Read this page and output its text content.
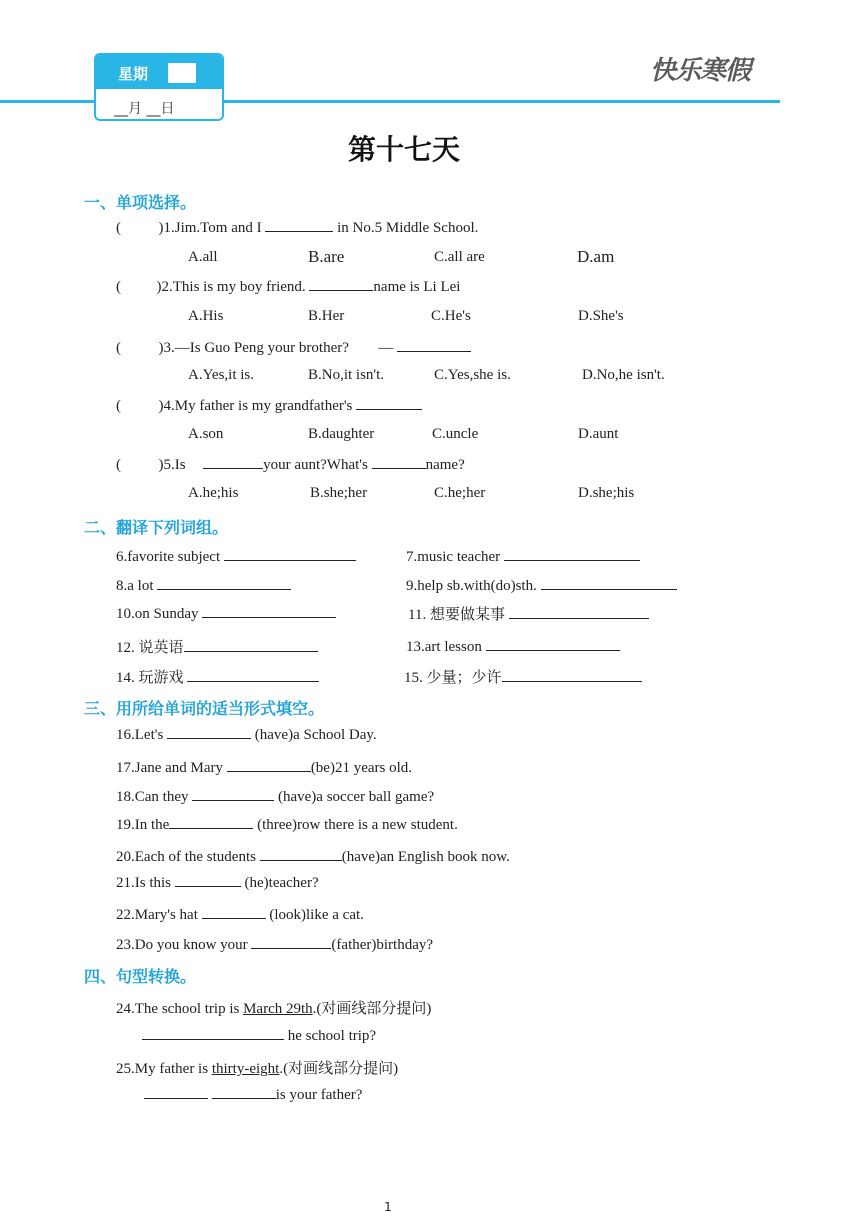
星期
__月 __日
快乐寒假
第十七天
一、单项选择。
(	)1.Jim.Tom and I	in No.5 Middle School.
A.all	B.are	C.all are	D.am
( )2.This is my boy friend.	name is Li Lei
A.His	B.Her	C.He's	D.She's
(	)3.—Is Guo Peng your brother? —
A.Yes,it is.	B.No,it isn't.	C.Yes,she is.	D.No,he isn't.
(	)4.My father is my grandfather's
A.son	B.daughter	C.uncle	D.aunt
(	)5.Is	your aunt?What's	name?
A.he;his	B.she;her	C.he;her	D.she;his
二、翻译下列词组。
6.favorite subject	7.music teacher
8.a lot	9.help sb.with(do)sth.
10.on Sunday	11. 想要做某事
12. 说英语	13.art lesson
14. 玩游戏	15. 少量；少许
三、用所给单词的适当形式填空。
16.Let's	(have)a School Day.
17.Jane and Mary	(be)21 years old.
18.Can they	(have)a soccer ball game?
19.In the	(three)row there is a new student.
20.Each of the students	(have)an English book now.
21.Is this	(he)teacher?
22.Mary's hat	(look)like a cat.
23.Do you know your	(father)birthday?
四、句型转换。
24.The school trip is March 29th.(对画线部分提问)
he school trip?
25.My father is thirty-eight.(对画线部分提问)
is your father?
1
